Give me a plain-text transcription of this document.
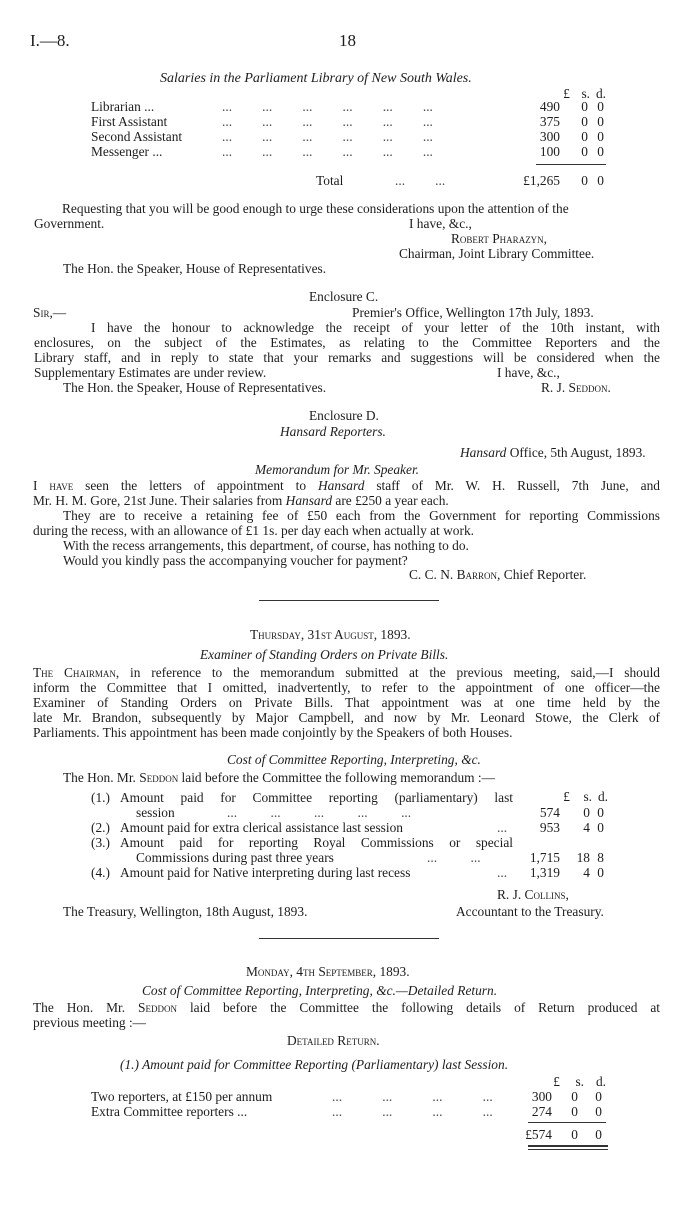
I.—8.	18
Salaries in the Parliament Library of New South Wales.
£ s. d.
Librarian ...	...         ...         ...         ...         ...         ...	490 0 0
First Assistant	...         ...         ...         ...         ...         ...	375 0 0
Second Assistant	...         ...         ...         ...         ...         ...	300 0 0
Messenger ...	...         ...         ...         ...         ...         ...	100 0 0
Total	...         ...	£1,265 0 0
Requesting that you will be good enough to urge these considerations upon the attention of the
Government.	I have, &c.,
Robert Pharazyn,
Chairman, Joint Library Committee.
The Hon. the Speaker, House of Representatives.
Enclosure C.
Sir,—	Premier's Office, Wellington 17th July, 1893.
I have the honour to acknowledge the receipt of your letter of the 10th instant, with
enclosures, on the subject of the Estimates, as relating to the Committee Reporters and the
Library staff, and in reply to state that your remarks and suggestions will be considered when the
Supplementary Estimates are under review.	I have, &c.,
The Hon. the Speaker, House of Representatives.	R. J. Seddon.
Enclosure D.
Hansard Reporters.
Hansard Office, 5th August, 1893.
Memorandum for Mr. Speaker.
I have seen the letters of appointment to Hansard staff of Mr. W. H. Russell, 7th June, and
Mr. H. M. Gore, 21st June. Their salaries from Hansard are £250 a year each.
They are to receive a retaining fee of £50 each from the Government for reporting Commissions
during the recess, with an allowance of £1 1s. per day each when actually at work.
With the recess arrangements, this department, of course, has nothing to do.
Would you kindly pass the accompanying voucher for payment?
C. C. N. Barron, Chief Reporter.
Thursday, 31st August, 1893.
Examiner of Standing Orders on Private Bills.
The Chairman, in reference to the memorandum submitted at the previous meeting, said,—I should
inform the Committee that I omitted, inadvertently, to refer to the appointment of one officer—the
Examiner of Standing Orders on Private Bills. That appointment was at one time held by the
late Mr. Brandon, subsequently by Major Campbell, and now by Mr. Leonard Stowe, the Clerk of
Parliaments. This appointment has been made conjointly by the Speakers of both Houses.
Cost of Committee Reporting, Interpreting, &c.
The Hon. Mr. Seddon laid before the Committee the following memorandum :—
£	s. d.
(1.) Amount paid for Committee reporting (parliamentary) last
session	...          ...          ...          ...          ...	574	0 0
(2.) Amount paid for extra clerical assistance last session	...	953	4 0
(3.) Amount paid for reporting Royal Commissions or special
Commissions during past three years	...          ...	1,715 18 8
(4.) Amount paid for Native interpreting during last recess	...	1,319	4 0
R. J. Collins,
The Treasury, Wellington, 18th August, 1893.	Accountant to the Treasury.
Monday, 4th September, 1893.
Cost of Committee Reporting, Interpreting, &c.—Detailed Return.
The Hon. Mr. Seddon laid before the Committee the following details of Return produced at
previous meeting :—
Detailed Return.
(1.) Amount paid for Committee Reporting (Parliamentary) last Session.
£	s. d.
Two reporters, at £150 per annum	...            ...            ...            ...	300	0	0
Extra Committee reporters ...	...            ...            ...            ...	274	0	0
£574	0	0
